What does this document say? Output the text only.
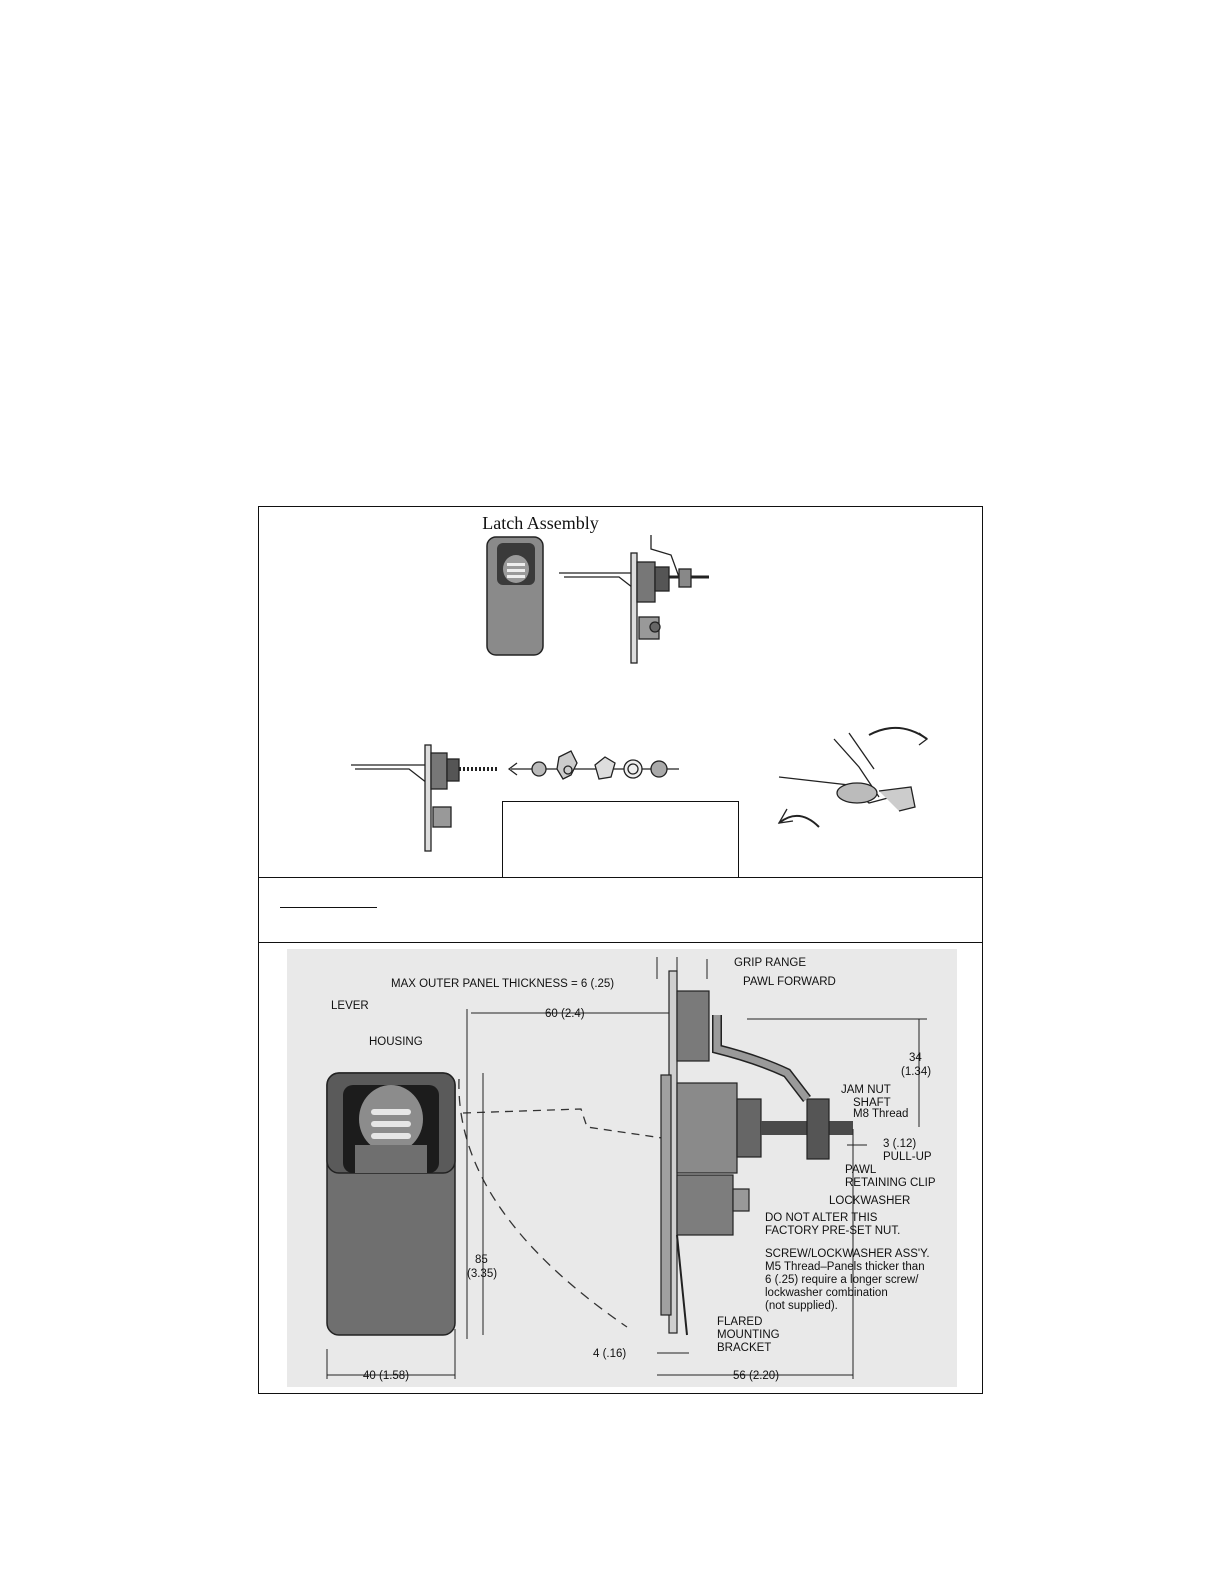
Latch Assembly
GRIP RANGE
MAX OUTER PANEL THICKNESS = 6 (.25)	PAWL FORWARD
LEVER
HOUSING
60 (2.4)
34
(1.34)
JAM NUT
SHAFT
M8 Thread
3 (.12)
PULL-UP
PAWL
RETAINING CLIP
LOCKWASHER
DO NOT ALTER THIS
FACTORY PRE-SET NUT.
SCREW/LOCKWASHER ASS'Y.
M5 Thread–Panels thicker than
6 (.25) require a longer screw/
lockwasher combination
(not supplied).
85
(3.35)
FLARED
MOUNTING
BRACKET
4 (.16)
40 (1.58)	56 (2.20)
